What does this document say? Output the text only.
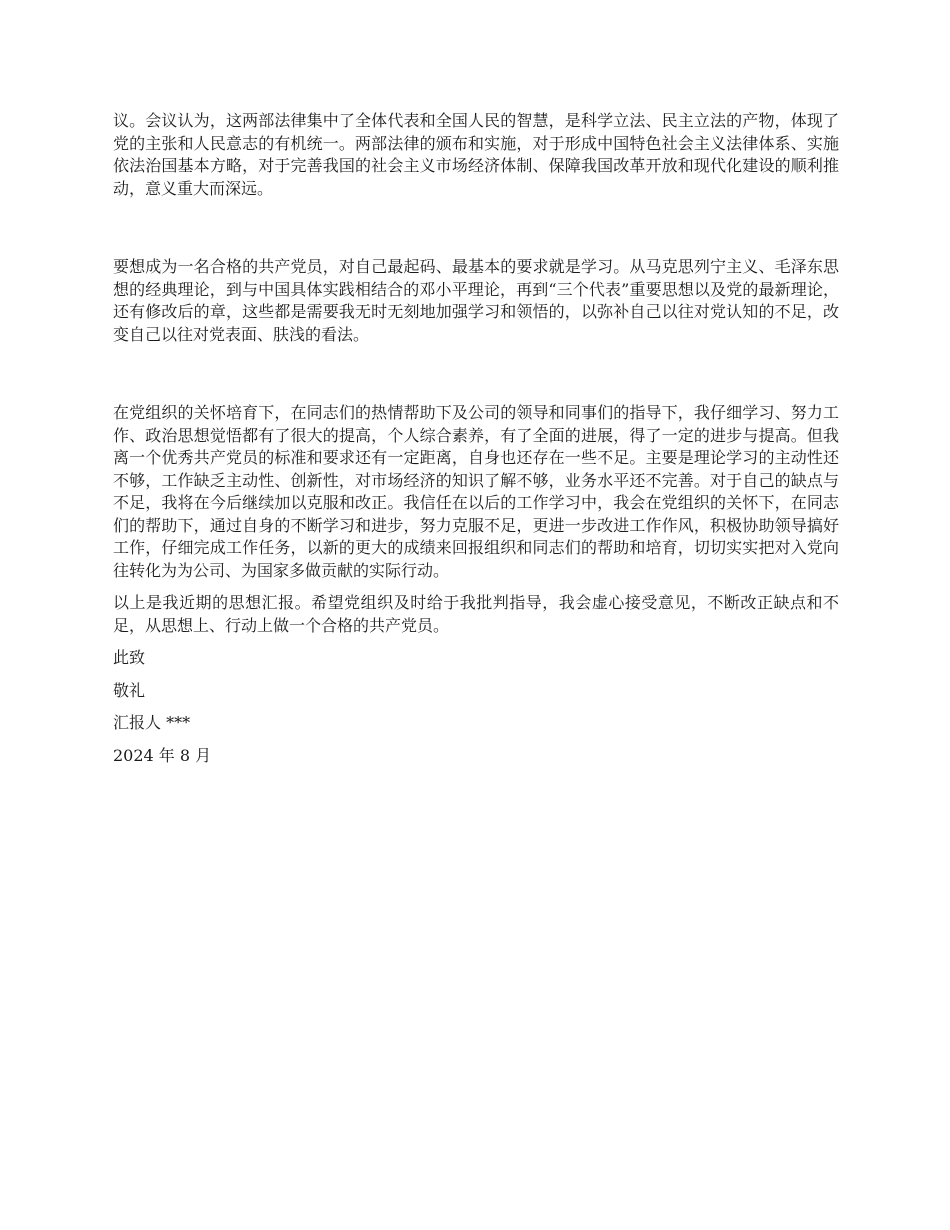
议。会议认为，这两部法律集中了全体代表和全国人民的智慧，是科学立法、民主立法的产物，体现了党的主张和人民意志的有机统一。两部法律的颁布和实施，对于形成中国特色社会主义法律体系、实施依法治国基本方略，对于完善我国的社会主义市场经济体制、保障我国改革开放和现代化建设的顺利推动，意义重大而深远。

要想成为一名合格的共产党员，对自己最起码、最基本的要求就是学习。从马克思列宁主义、毛泽东思想的经典理论，到与中国具体实践相结合的邓小平理论，再到“三个代表”重要思想以及党的最新理论，还有修改后的章，这些都是需要我无时无刻地加强学习和领悟的，以弥补自己以往对党认知的不足，改变自己以往对党表面、肤浅的看法。

在党组织的关怀培育下，在同志们的热情帮助下及公司的领导和同事们的指导下，我仔细学习、努力工作、政治思想觉悟都有了很大的提高，个人综合素养，有了全面的进展，得了一定的进步与提高。但我离一个优秀共产党员的标准和要求还有一定距离，自身也还存在一些不足。主要是理论学习的主动性还不够，工作缺乏主动性、创新性，对市场经济的知识了解不够，业务水平还不完善。对于自己的缺点与不足，我将在今后继续加以克服和改正。我信任在以后的工作学习中，我会在党组织的关怀下，在同志们的帮助下，通过自身的不断学习和进步，努力克服不足，更进一步改进工作作风，积极协助领导搞好工作，仔细完成工作任务，以新的更大的成绩来回报组织和同志们的帮助和培育，切切实实把对入党向往转化为为公司、为国家多做贡献的实际行动。

以上是我近期的思想汇报。希望党组织及时给于我批判指导，我会虚心接受意见，不断改正缺点和不足，从思想上、行动上做一个合格的共产党员。

此致

敬礼

汇报人 ***

2024 年 8 月
